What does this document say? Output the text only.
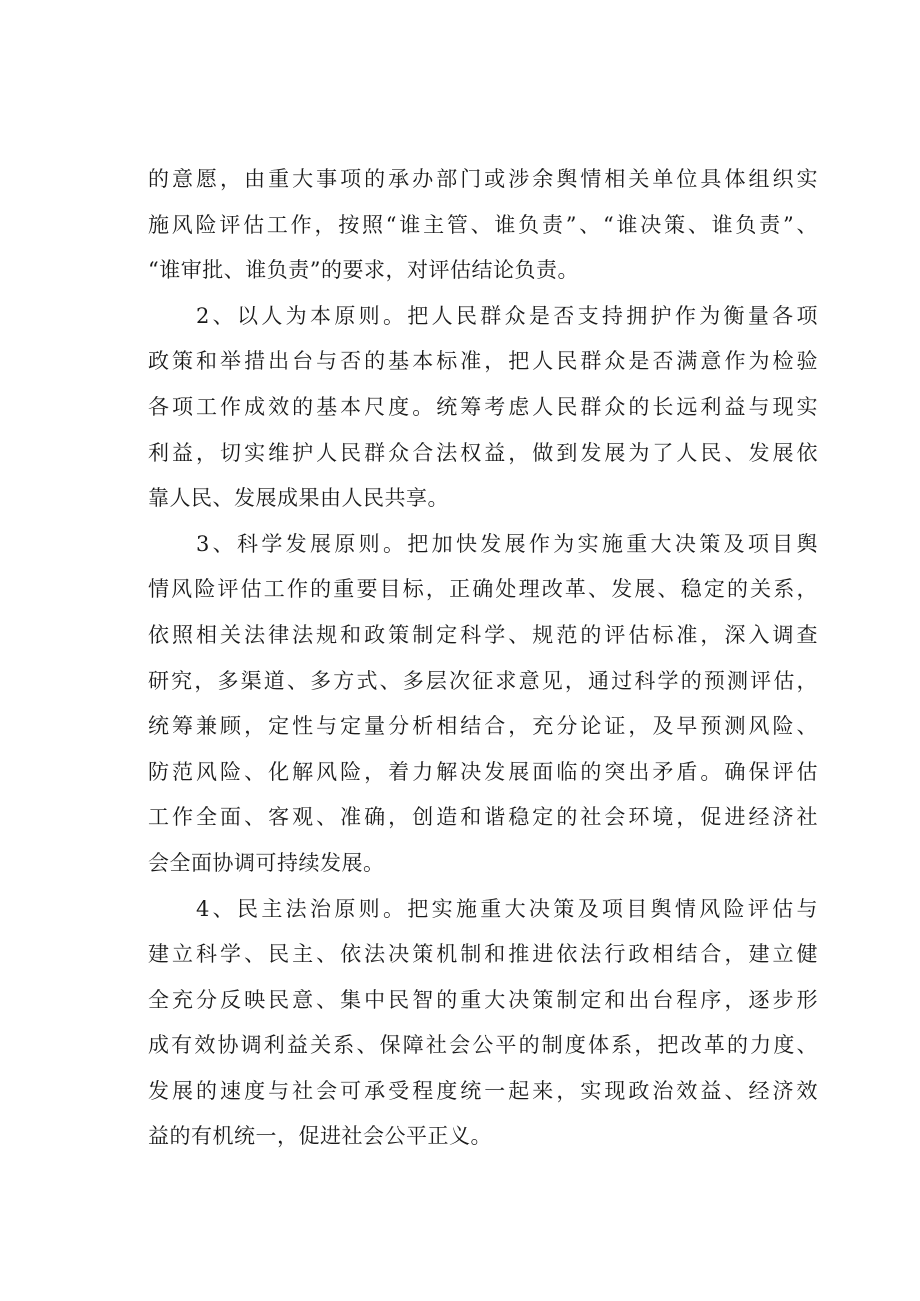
的意愿，由重大事项的承办部门或涉余舆情相关单位具体组织实
施风险评估工作，按照“谁主管、谁负责”、“谁决策、谁负责”、
“谁审批、谁负责”的要求，对评估结论负责。
2、以人为本原则。把人民群众是否支持拥护作为衡量各项
政策和举措出台与否的基本标准，把人民群众是否满意作为检验
各项工作成效的基本尺度。统筹考虑人民群众的长远利益与现实
利益，切实维护人民群众合法权益，做到发展为了人民、发展依
靠人民、发展成果由人民共享。
3、科学发展原则。把加快发展作为实施重大决策及项目舆
情风险评估工作的重要目标，正确处理改革、发展、稳定的关系，
依照相关法律法规和政策制定科学、规范的评估标准，深入调查
研究，多渠道、多方式、多层次征求意见，通过科学的预测评估，
统筹兼顾，定性与定量分析相结合，充分论证，及早预测风险、
防范风险、化解风险，着力解决发展面临的突出矛盾。确保评估
工作全面、客观、准确，创造和谐稳定的社会环境，促进经济社
会全面协调可持续发展。
4、民主法治原则。把实施重大决策及项目舆情风险评估与
建立科学、民主、依法决策机制和推进依法行政相结合，建立健
全充分反映民意、集中民智的重大决策制定和出台程序，逐步形
成有效协调利益关系、保障社会公平的制度体系，把改革的力度、
发展的速度与社会可承受程度统一起来，实现政治效益、经济效
益的有机统一，促进社会公平正义。
